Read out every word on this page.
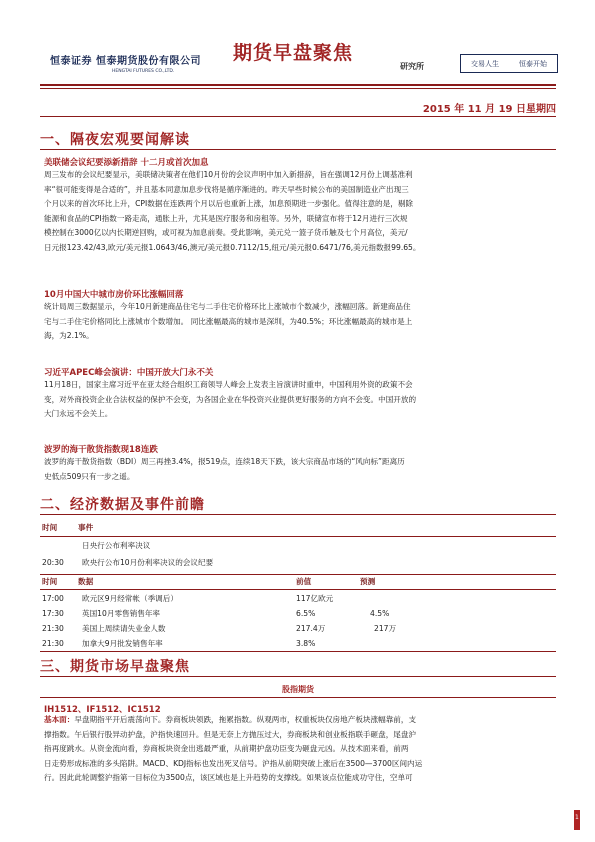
恒泰证券 恒泰期货股份有限公司
HENGTAI FUTURES CO.,LTD.
期货早盘聚焦
研究所	交易人生	恒泰开始
2015 年 11 月 19 日星期四
一、隔夜宏观要闻解读
美联储会议纪要添新措辞 十二月或首次加息
周三发布的会议纪要显示，美联储决策者在他们10月份的会议声明中加入新措辞，旨在强调12月份上调基准利
率“很可能变得是合适的”，并且基本同意加息步伐将是循序渐进的。昨天早些时候公布的美国制造业产出现三
个月以来的首次环比上升，CPI数据在连跌两个月以后也重新上涨，加息预期进一步强化。值得注意的是，剔除
能源和食品的CPI指数一路走高，通胀上升，尤其是医疗服务和房租等。另外，联储宣布将于12月进行三次规
模控制在3000亿以内长期逆回购，或可视为加息前奏。受此影响，美元兑一篮子货币触及七个月高位，美元/
日元报123.42/43,欧元/美元报1.0643/46,澳元/美元报0.7112/15,纽元/美元报0.6471/76,美元指数报99.65。
10月中国大中城市房价环比涨幅回落
统计局周三数据显示，今年10月新建商品住宅与二手住宅价格环比上涨城市个数减少，涨幅回落。新建商品住
宅与二手住宅价格同比上涨城市个数增加。 同比涨幅最高的城市是深圳，为40.5%；环比涨幅最高的城市是上
海，为2.1%。
习近平APEC峰会演讲：中国开放大门永不关
11月18日，国家主席习近平在亚太经合组织工商领导人峰会上发表主旨演讲时重申，中国利用外资的政策不会
变，对外商投资企业合法权益的保护不会变，为各国企业在华投资兴业提供更好服务的方向不会变。中国开放的
大门永远不会关上。
波罗的海干散货指数现18连跌
波罗的海干散货指数（BDI）周三再挫3.4%，报519点，连续18天下跌，该大宗商品市场的“风向标”距离历
史低点509只有一步之遥。
二、经济数据及事件前瞻
时间	事件
日央行公布利率决议
20:30 欧央行公布10月份利率决议的会议纪要
时间	数据	前值	预测
17:00 欧元区9月经常帐（季调后）	117亿欧元
17:30 英国10月零售销售年率	6.5%	4.5%
21:30 美国上周续请失业金人数	217.4万	217万
21:30 加拿大9月批发销售年率	3.8%
三、期货市场早盘聚焦
股指期货
IH1512、IF1512、IC1512
基本面：早盘期指平开后震荡向下。券商板块领跌，拖累指数。纵观两市，权重板块仅房地产板块涨幅靠前，支
撑指数。午后银行股异动护盘，沪指快速回升。但是无奈上方抛压过大，券商板块和创业板指联手砸盘，尾盘沪
指再度跳水。从资金流向看，券商板块资金出逃最严重，从前期护盘功臣变为砸盘元凶。从技术面来看，前两
日走势形成标准的多头陷阱。MACD、KDJ指标也发出死叉信号。沪指从前期突破上涨后在3500—3700区间内运
行。因此此轮调整沪指第一目标位为3500点，该区域也是上升趋势的支撑线。如果该点位能成功守住，空单可
1
